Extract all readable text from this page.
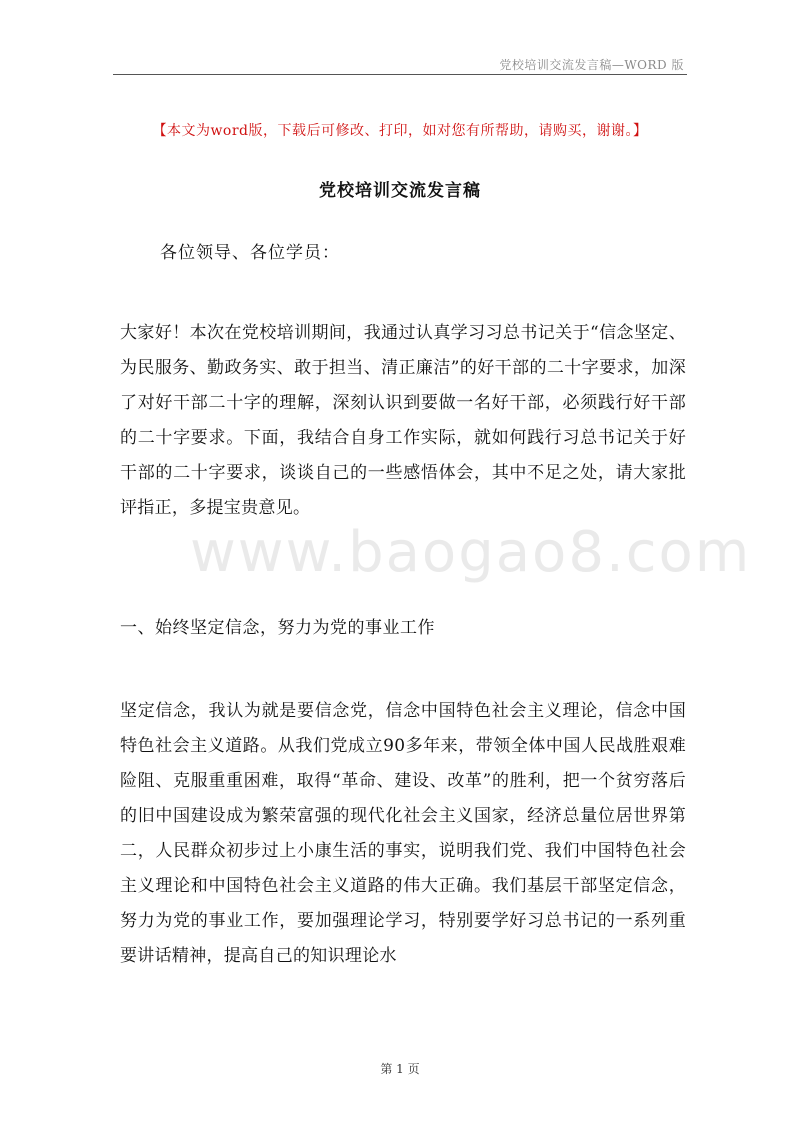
党校培训交流发言稿—WORD 版
【本文为word版，下载后可修改、打印，如对您有所帮助，请购买，谢谢。】
党校培训交流发言稿
各位领导、各位学员：

大家好！本次在党校培训期间，我通过认真学习习总书记关于“信念坚定、为民服务、勤政务实、敢于担当、清正廉洁”的好干部的二十字要求，加深了对好干部二十字的理解，深刻认识到要做一名好干部，必须践行好干部的二十字要求。下面，我结合自身工作实际，就如何践行习总书记关于好干部的二十字要求，谈谈自己的一些感悟体会，其中不足之处，请大家批评指正，多提宝贵意见。

www.baogao8.com
一、始终坚定信念，努力为党的事业工作

坚定信念，我认为就是要信念党，信念中国特色社会主义理论，信念中国特色社会主义道路。从我们党成立90多年来，带领全体中国人民战胜艰难险阻、克服重重困难，取得“革命、建设、改革”的胜利，把一个贫穷落后的旧中国建设成为繁荣富强的现代化社会主义国家，经济总量位居世界第二，人民群众初步过上小康生活的事实，说明我们党、我们中国特色社会主义理论和中国特色社会主义道路的伟大正确。我们基层干部坚定信念，努力为党的事业工作，要加强理论学习，特别要学好习总书记的一系列重要讲话精神，提高自己的知识理论水

第 1 页
